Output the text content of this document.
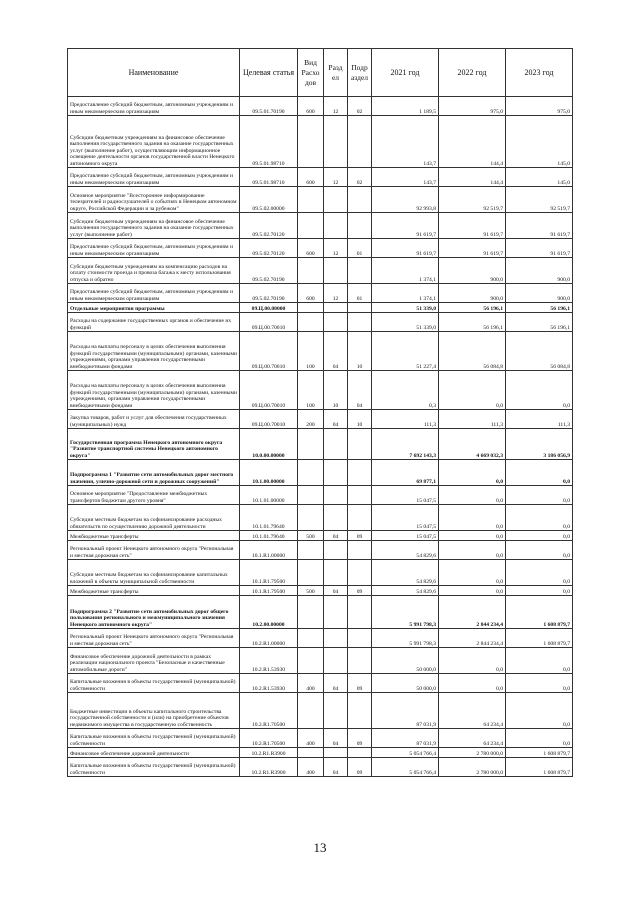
Наименование	Целевая статья	Вид Расхо дов	Разд ел	Подр аздел	2021 год	2022 год	2023 год
Предоставление субсидий бюджетным, автономным учреждениям и иным некоммерческим организациям	09.5.01.70190	600	12	02	1 189,5	975,0	975,0
Субсидии бюджетным учреждениям на финансовое обеспечение выполнения государственного задания на оказание государственных услуг (выполнение работ), осуществляющим информационное освещение деятельности органов государственной власти Ненецкого автономного округа	09.5.01.98710				143,7	144,4	145,0
Предоставление субсидий бюджетным, автономным учреждениям и иным некоммерческим организациям	09.5.01.98710	600	12	02	143,7	144,4	145,0
Основное мероприятие "Всестороннее информирование телезрителей и радиослушателей о событиях в Ненецком автономном округе, Российской Федерации и за рубежом"	09.5.02.00000				92 993,8	92 519,7	92 519,7
Субсидии бюджетным учреждениям на финансовое обеспечение выполнения государственного задания на оказание государственных услуг (выполнение работ)	09.5.02.70120				91 619,7	91 619,7	91 619,7
Предоставление субсидий бюджетным, автономным учреждениям и иным некоммерческим организациям	09.5.02.70120	600	12	01	91 619,7	91 619,7	91 619,7
Субсидии бюджетным учреждениям на компенсацию расходов на оплату стоимости проезда и провоза багажа к месту использования отпуска и обратно	09.5.02.70190				1 374,1	900,0	900,0
Предоставление субсидий бюджетным, автономным учреждениям и иным некоммерческим организациям	09.5.02.70190	600	12	01	1 374,1	900,0	900,0
Отдельные мероприятия программы	09.Ц.00.00000				51 339,0	56 196,1	56 196,1
Расходы на содержание государственных органов и обеспечение их функций	09.Ц.00.70010				51 339,0	56 196,1	56 196,1
Расходы на выплаты персоналу в целях обеспечения выполнения функций государственными (муниципальными) органами, казенными учреждениями, органами управления государственными внебюджетными фондами	09.Ц.00.70010	100	04	10	51 227,4	56 084,8	56 084,8
Расходы на выплаты персоналу в целях обеспечения выполнения функций государственными (муниципальными) органами, казенными учреждениями, органами управления государственными внебюджетными фондами	09.Ц.00.70010	100	10	04	0,3	0,0	0,0
Закупка товаров, работ и услуг для обеспечения государственных (муниципальных) нужд	09.Ц.00.70010	200	04	10	111,3	111,3	111,3
Государственная программа Ненецкого автономного округа "Развитие транспортной системы Ненецкого автономного округа"	10.0.00.00000				7 692 143,3	4 669 032,3	3 186 056,9
Подпрограмма 1 "Развитие сети автомобильных дорог местного значения, улично-дорожной сети и дорожных сооружений"	10.1.00.00000				69 877,1	0,0	0,0
Основное мероприятие "Предоставление межбюджетных трансфертов бюджетам другого уровня"	10.1.01.00000				15 047,5	0,0	0,0
Субсидии местным бюджетам на софинансирование расходных обязательств по осуществлению дорожной деятельности	10.1.01.79640				15 047,5	0,0	0,0
Межбюджетные трансферты	10.1.01.79640	500	04	09	15 047,5	0,0	0,0
Региональный проект Ненецкого автономного округа "Региональная и местная дорожная сеть"	10.1.R1.00000				54 829,6	0,0	0,0
Субсидии местным бюджетам на софинансирование капитальных вложений в объекты муниципальной собственности	10.1.R1.79500				54 829,6	0,0	0,0
Межбюджетные трансферты	10.1.R1.79500	500	04	09	54 829,6	0,0	0,0
Подпрограмма 2 "Развитие сети автомобильных дорог общего пользования регионального и межмуниципального значения Ненецкого автономного округа"	10.2.00.00000				5 991 798,3	2 844 234,4	1 608 879,7
Региональный проект Ненецкого автономного округа "Региональная и местная дорожная сеть"	10.2.R1.00000				5 991 798,3	2 844 234,4	1 608 879,7
Финансовое обеспечение дорожной деятельности в рамках реализации национального проекта "Безопасные и качественные автомобильные дороги"	10.2.R1.53930				50 000,0	0,0	0,0
Капитальные вложения в объекты государственной (муниципальной) собственности	10.2.R1.53930	400	04	09	50 000,0	0,0	0,0
Бюджетные инвестиции в объекты капитального строительства государственной собственности и (или) на приобретение объектов недвижимого имущества в государственную собственность	10.2.R1.70500				87 031,9	64 234,4	0,0
Капитальные вложения в объекты государственной (муниципальной) собственности	10.2.R1.70500	400	04	09	87 031,9	64 234,4	0,0
Финансовое обеспечение дорожной деятельности	10.2.R1.R3900				5 054 766,4	2 780 000,0	1 608 879,7
Капитальные вложения в объекты государственной (муниципальной) собственности	10.2.R1.R3900	400	04	09	5 054 766,4	2 780 000,0	1 608 879,7
13
